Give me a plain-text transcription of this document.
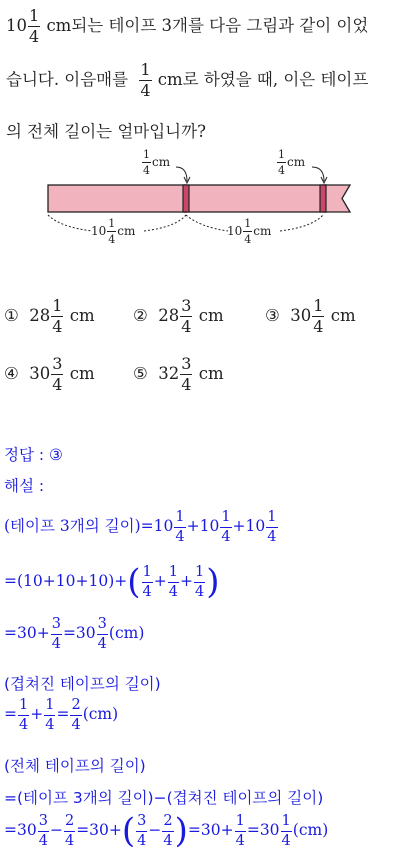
$10 \frac{1}{4}$ cm되는 테이프 3개를 다음 그림과 같이 이었
습니다. 이음매를 $\frac{1}{4}$ cm로 하였을 때, 이은 테이프
의 전체 길이는 얼마입니까?
$\frac{1}{4}$ cm	$\frac{1}{4}$ cm
$10 \frac{1}{4}$ cm	$10 \frac{1}{4}$ cm
① $28 \frac{1}{4}$ cm ② $28 \frac{3}{4}$ cm	③ $30 \frac{1}{4}$ cm
④ $30 \frac{3}{4}$ cm ⑤ $32 \frac{3}{4}$ cm
정답 : ③
해설 :
(테이프 3개의 길이)$=10 \frac{1}{4} +10 \frac{1}{4} +10 \frac{1}{4}$
$=(10+10+10)+( \frac{1}{4} + \frac{1}{4} + \frac{1}{4}$ )
$=30+ \frac{3}{4} =30 \frac{3}{4} (cm)$
(겹쳐진 테이프의 길이)
= $\frac{1}{4} + \frac{1}{4} = \frac{2}{4} (cm)$
(전체 테이프의 길이)
=(테이프 3개의 길이)−(겹쳐진 테이프의 길이)
$=30 \frac{3}{4} - \frac{2}{4} =30+( \frac{3}{4} - \frac{2}{4} )=30+ \frac{1}{4} =30 \frac{1}{4} (cm)$
